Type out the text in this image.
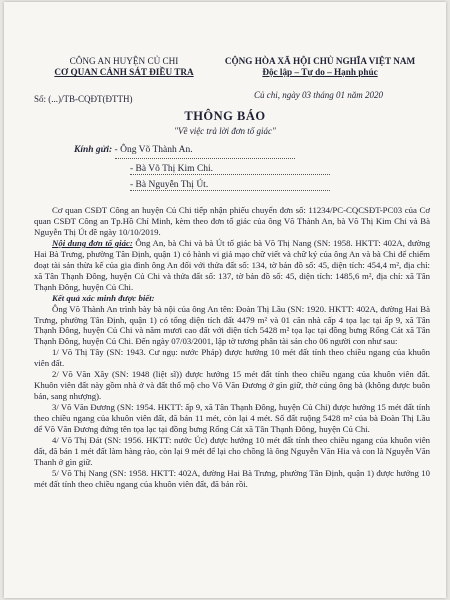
CÔNG AN HUYỆN CỦ CHI
CƠ QUAN CẢNH SÁT ĐIỀU TRA
CỘNG HÒA XÃ HỘI CHỦ NGHĨA VIỆT NAM
Độc lập – Tự do – Hạnh phúc
Số: (...)/TB-CQĐT(ĐTTH)	Củ chi, ngày 03 tháng 01 năm 2020
THÔNG BÁO
"Về việc trả lời đơn tố giác"
Kính gửi: - Ông Võ Thành An.
- Bà Võ Thị Kim Chi.
- Bà Nguyễn Thị Út.

Cơ quan CSĐT Công an huyện Củ Chi tiếp nhận phiếu chuyển đơn số: 11234/PC-CQCSĐT-PC03 của Cơ quan CSĐT Công an Tp.Hồ Chí Minh, kèm theo đơn tố giác của ông Võ Thành An, bà Võ Thị Kim Chi và Bà Nguyễn Thị Út đề ngày 10/10/2019.

Nội dung đơn tố giác: Ông An, bà Chi và bà Út tố giác bà Võ Thị Nang (SN: 1958. HKTT: 402A, đường Hai Bà Trưng, phường Tân Định, quận 1) có hành vi giả mạo chữ viết và chữ ký của ông An và bà Chi để chiếm đoạt tài sản thừa kế của gia đình ông An đối với thửa đất số: 134, tờ bản đồ số: 45, diện tích: 454,4 m², địa chỉ: xã Tân Thạnh Đông, huyện Củ Chi và thửa đất số: 137, tờ bản đồ số: 45, diện tích: 1485,6 m², địa chỉ: xã Tân Thạnh Đông, huyện Củ Chi.

Kết quả xác minh được biết:

Ông Võ Thành An trình bày bà nội của ông An tên: Đoàn Thị Lầu (SN: 1920. HKTT: 402A, đường Hai Bà Trưng, phường Tân Định, quận 1) có tổng diện tích đất 4479 m² và 01 căn nhà cấp 4 tọa lạc tại ấp 9, xã Tân Thạnh Đông, huyện Củ Chi và năm mươi cao đất với diện tích 5428 m² tọa lạc tại đồng bưng Rổng Cát xã Tân Thạnh Đông, huyện Củ Chi. Đến ngày 07/03/2001, lập tờ tương phân tài sản cho 06 người con như sau:

1/ Võ Thị Tây (SN: 1943. Cư ngụ: nước Pháp) được hưởng 10 mét đất tính theo chiều ngang của khuôn viên đất.

2/ Võ Văn Xây (SN: 1948 (liệt sĩ)) được hưởng 15 mét đất tính theo chiều ngang của khuôn viên đất. Khuôn viên đất này gồm nhà ở và đất thổ mộ cho Võ Văn Đương ở gìn giữ, thờ cúng ông bà (không được buôn bán, sang nhượng).

3/ Võ Văn Đương (SN: 1954. HKTT: ấp 9, xã Tân Thạnh Đông, huyện Củ Chi) được hưởng 15 mét đất tính theo chiều ngang của khuôn viên đất, đã bán 11 mét, còn lại 4 mét. Số đất ruộng 5428 m² của bà Đoàn Thị Lầu để Võ Văn Đương đứng tên tọa lạc tại đồng bưng Rổng Cát xã Tân Thạnh Đông, huyện Củ Chi.

4/ Võ Thị Đát (SN: 1956. HKTT: nước Úc) được hưởng 10 mét đất tính theo chiều ngang của khuôn viên đất, đã bán 1 mét đất làm hàng rào, còn lại 9 mét để lại cho chồng là ông Nguyễn Văn Hia và con là Nguyễn Văn Thanh ở gìn giữ.

5/ Võ Thị Nang (SN: 1958. HKTT: 402A, đường Hai Bà Trưng, phường Tân Định, quận 1) được hưởng 10 mét đất tính theo chiều ngang của khuôn viên đất, đã bán rồi.
